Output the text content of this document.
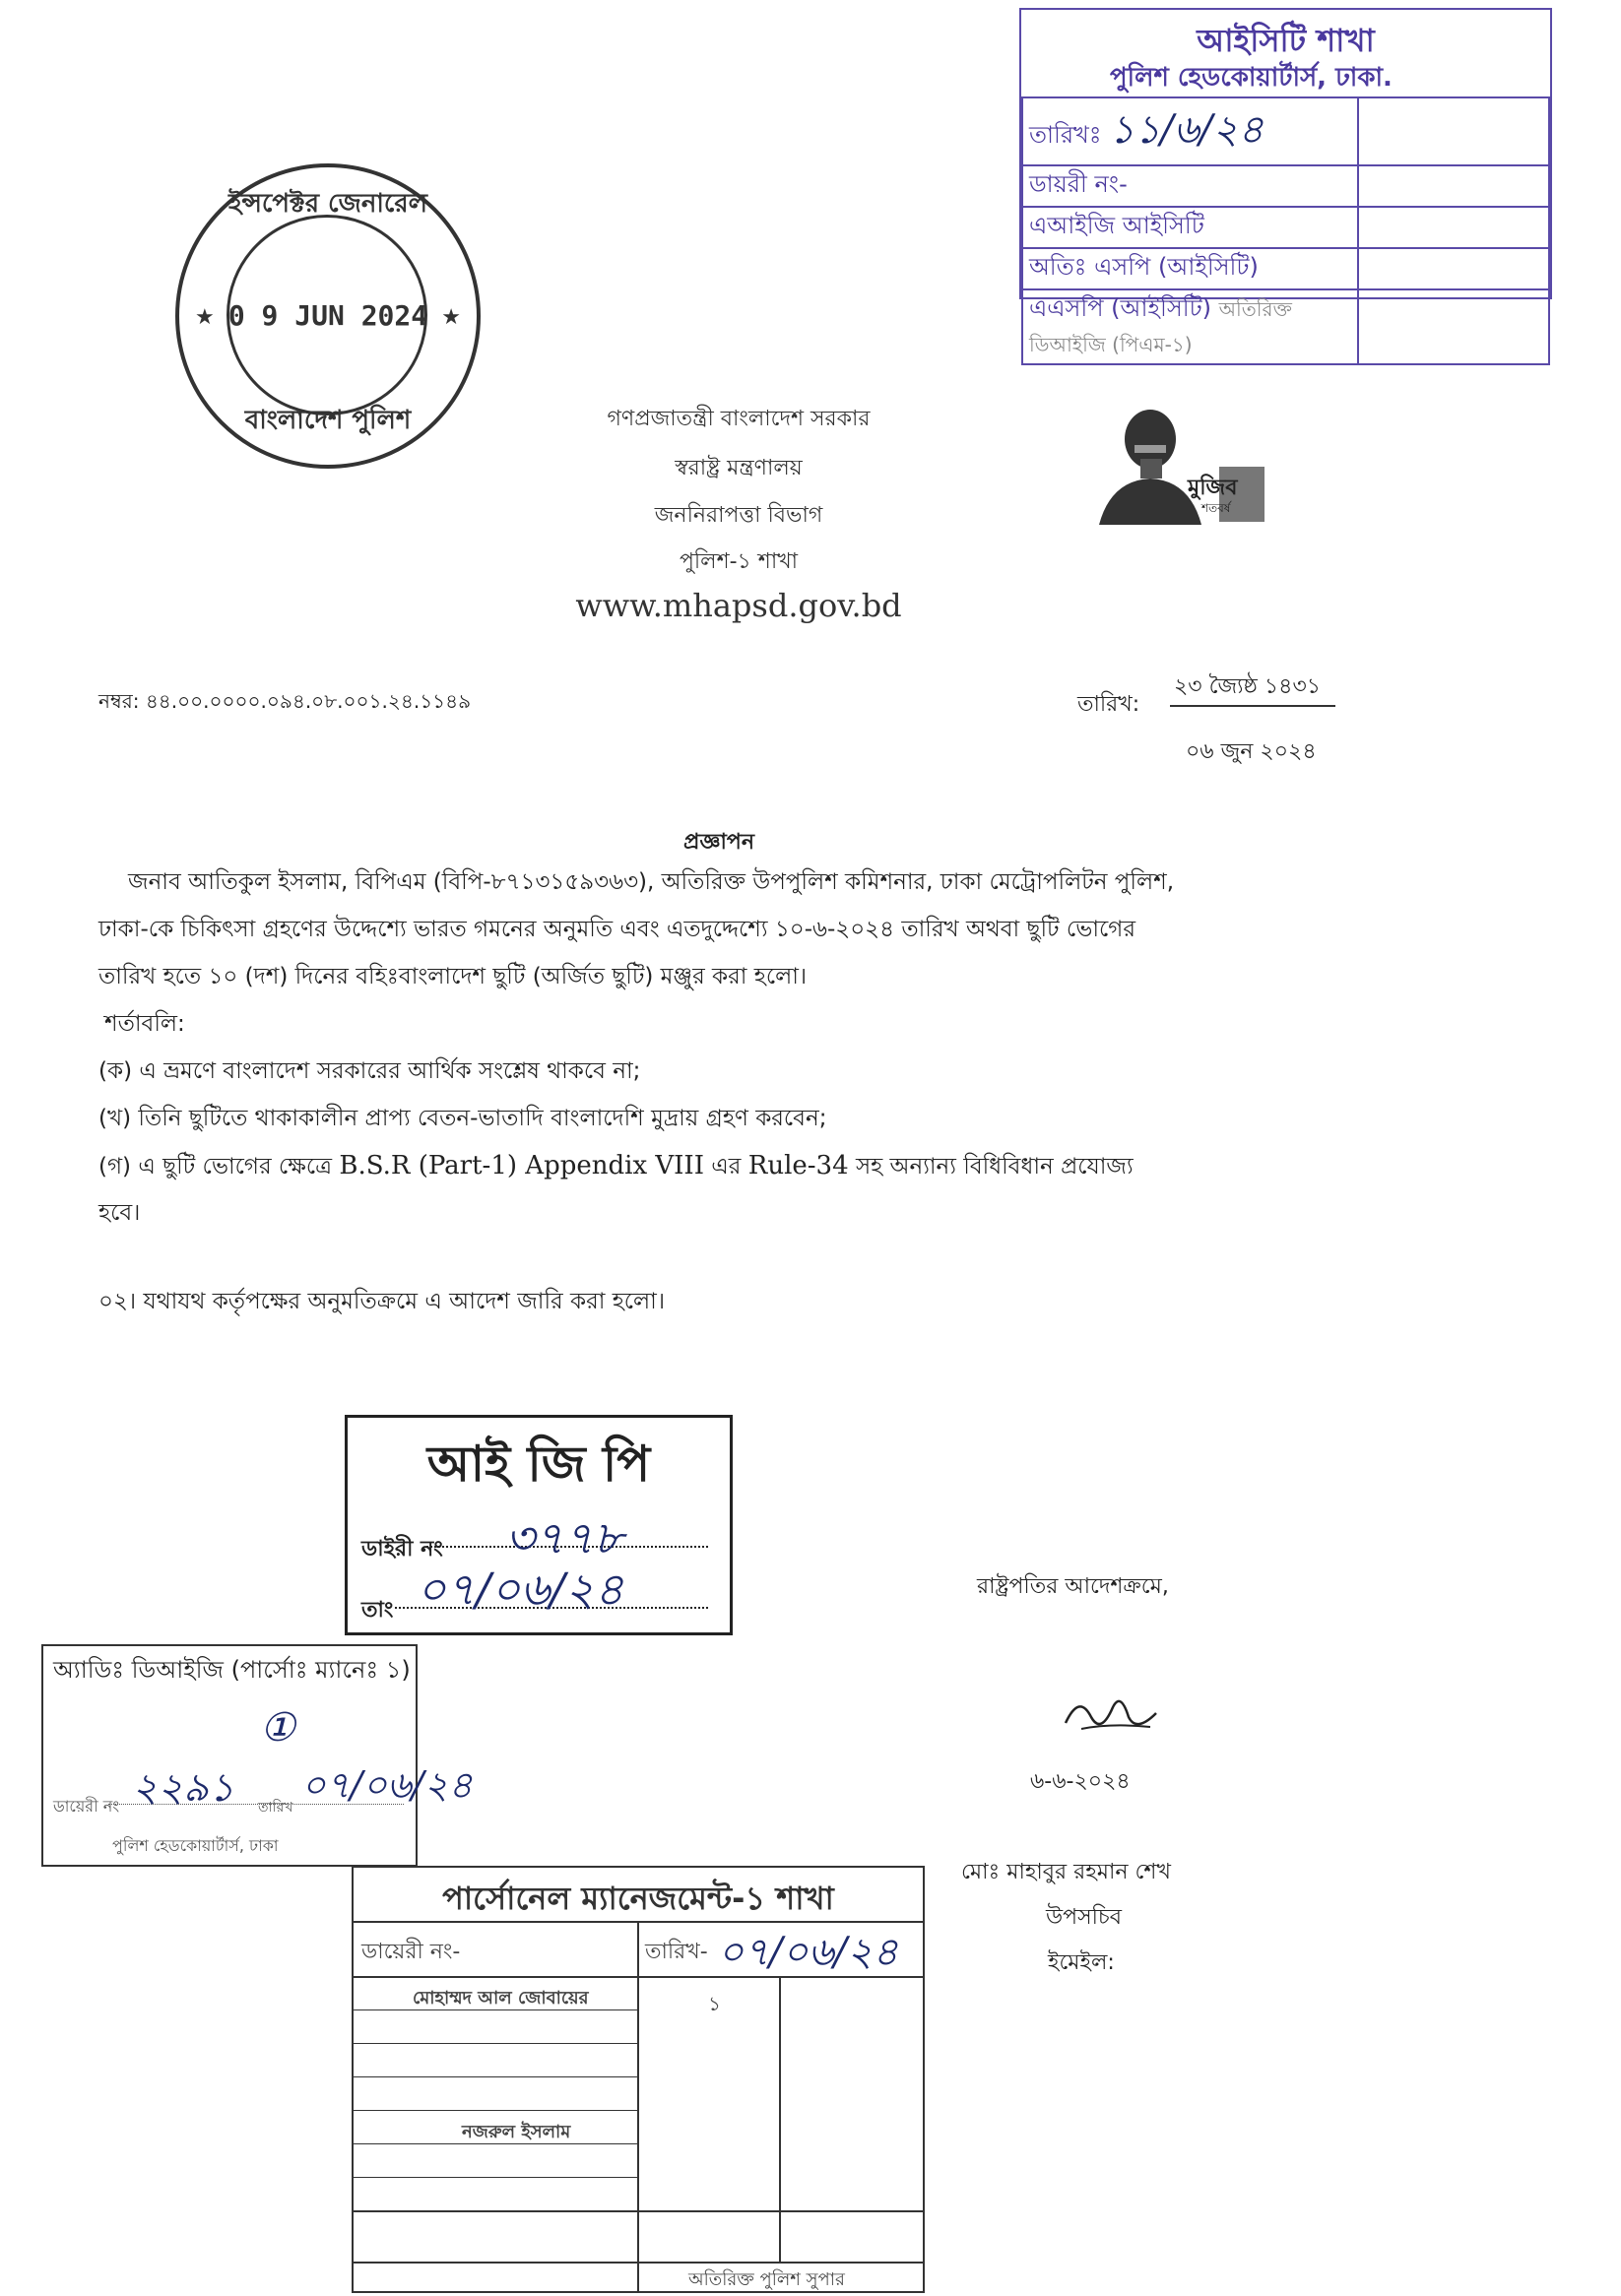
আইসিটি শাখা
পুলিশ হেডকোয়ার্টার্স, ঢাকা.
তারিখঃ ১১/৬/২৪	
ডায়রী নং-	
এআইজি আইসিটি	
অতিঃ এসপি (আইসিটি)	
এএসপি (আইসিটি) অতিরিক্ত ডিআইজি (পিএম-১)	
ইন্সপেক্টর জেনারেল
★	★
0 9 JUN 2024
বাংলাদেশ পুলিশ	গণপ্রজাতন্ত্রী বাংলাদেশ সরকার
স্বরাষ্ট্র মন্ত্রণালয়
জননিরাপত্তা বিভাগ
পুলিশ-১ শাখা
www.mhapsd.gov.bd
মুজিব
শতবর্ষ
নম্বর: ৪৪.০০.০০০০.০৯৪.০৮.০০১.২৪.১১৪৯	তারিখ:
২৩ জ্যৈষ্ঠ ১৪৩১
০৬ জুন ২০২৪
প্রজ্ঞাপন
জনাব আতিকুল ইসলাম, বিপিএম (বিপি-৮৭১৩১৫৯৩৬৩), অতিরিক্ত উপপুলিশ কমিশনার, ঢাকা মেট্রোপলিটন পুলিশ,
ঢাকা-কে চিকিৎসা গ্রহণের উদ্দেশ্যে ভারত গমনের অনুমতি এবং এতদুদ্দেশ্যে ১০-৬-২০২৪ তারিখ অথবা ছুটি ভোগের
তারিখ হতে ১০ (দশ) দিনের বহিঃবাংলাদেশ ছুটি (অর্জিত ছুটি) মঞ্জুর করা হলো।
শর্তাবলি:
(ক) এ ভ্রমণে বাংলাদেশ সরকারের আর্থিক সংশ্লেষ থাকবে না;
(খ) তিনি ছুটিতে থাকাকালীন প্রাপ্য বেতন-ভাতাদি বাংলাদেশি মুদ্রায় গ্রহণ করবেন;
(গ) এ ছুটি ভোগের ক্ষেত্রে B.S.R (Part-1) Appendix VIII এর Rule-34 সহ অন্যান্য বিধিবিধান প্রযোজ্য
হবে।
০২। যথাযথ কর্তৃপক্ষের অনুমতিক্রমে এ আদেশ জারি করা হলো।
আই জি পি
ডাইরী নং ৩৭৭৮
তাং ০৭/০৬/২৪
অ্যাডিঃ ডিআইজি (পার্সোঃ ম্যানেঃ ১)
①
ডায়েরী নং ২২৯১ তারিখ
০৭/০৬/২৪
পুলিশ হেডকোয়ার্টার্স, ঢাকা
পার্সোনেল ম্যানেজমেন্ট-১ শাখা
ডায়েরী নং-	তারিখ- ০৭/০৬/২৪
মোহাম্মদ আল জোবায়ের
নজরুল ইসলাম
১
অতিরিক্ত পুলিশ সুপার
রাষ্ট্রপতির আদেশক্রমে,
৬-৬-২০২৪
মোঃ মাহাবুর রহমান শেখ
উপসচিব
ইমেইল:
